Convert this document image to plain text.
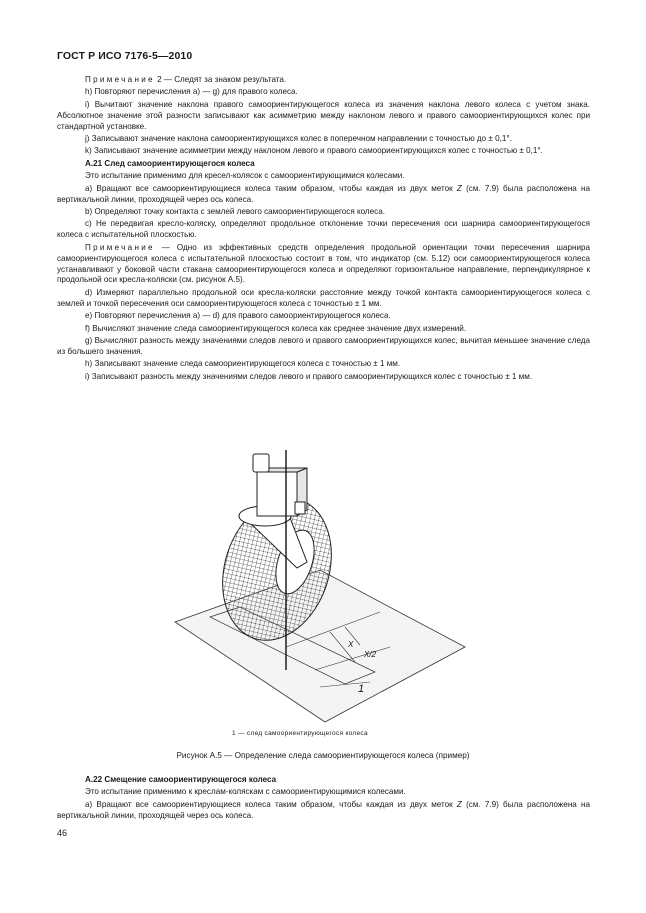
ГОСТ Р ИСО 7176-5—2010

Примечание 2 — Следят за знаком результата.

h) Повторяют перечисления a) — g) для правого колеса.

i) Вычитают значение наклона правого самоориентирующегося колеса из значения наклона левого колеса с учетом знака. Абсолютное значение этой разности записывают как асимметрию между наклоном левого и правого самоориентирующихся колес при стандартной установке.

j) Записывают значение наклона самоориентирующихся колес в поперечном направлении с точностью до ± 0,1°.

k) Записывают значение асимметрии между наклоном левого и правого самоориентирующихся колес с точностью ± 0,1°.

А.21 След самоориентирующегося колеса

Это испытание применимо для кресел-колясок с самоориентирующимися колесами.

a) Вращают все самоориентирующиеся колеса таким образом, чтобы каждая из двух меток Z (см. 7.9) была расположена на вертикальной линии, проходящей через ось колеса.

b) Определяют точку контакта с землей левого самоориентирующегося колеса.

c) Не передвигая кресло-коляску, определяют продольное отклонение точки пересечения оси шарнира самоориентирующегося колеса с испытательной плоскостью.

Примечание — Одно из эффективных средств определения продольной ориентации точки пересечения шарнира самоориентирующегося колеса с испытательной плоскостью состоит в том, что индикатор (см. 5.12) оси самоориентирующегося колеса устанавливают у боковой части стакана самоориентирующегося колеса и определяют горизонтальное направление, перпендикулярное к продольной оси кресла-коляски (см. рисунок А.5).

d) Измеряют параллельно продольной оси кресла-коляски расстояние между точкой контакта самоориентирующегося колеса с землей и точкой пересечения оси самоориентирующегося колеса с точностью ± 1 мм.

e) Повторяют перечисления a) — d) для правого самоориентирующегося колеса.

f) Вычисляют значение следа самоориентирующегося колеса как среднее значение двух измерений.

g) Вычисляют разность между значениями следов левого и правого самоориентирующихся колес, вычитая меньшее значение следа из большего значения.

h) Записывают значение следа самоориентирующегося колеса с точностью ± 1 мм.

i) Записывают разность между значениями следов левого и правого самоориентирующихся колес с точностью ± 1 мм.

X
X/2
1
1 — след самоориентирующегося колеса
Рисунок А.5 — Определение следа самоориентирующегося колеса (пример)

А.22 Смещение самоориентирующегося колеса

Это испытание применимо к креслам-коляскам с самоориентирующимися колесами.

a) Вращают все самоориентирующиеся колеса таким образом, чтобы каждая из двух меток Z (см. 7.9) была расположена на вертикальной линии, проходящей через ось колеса.

46
